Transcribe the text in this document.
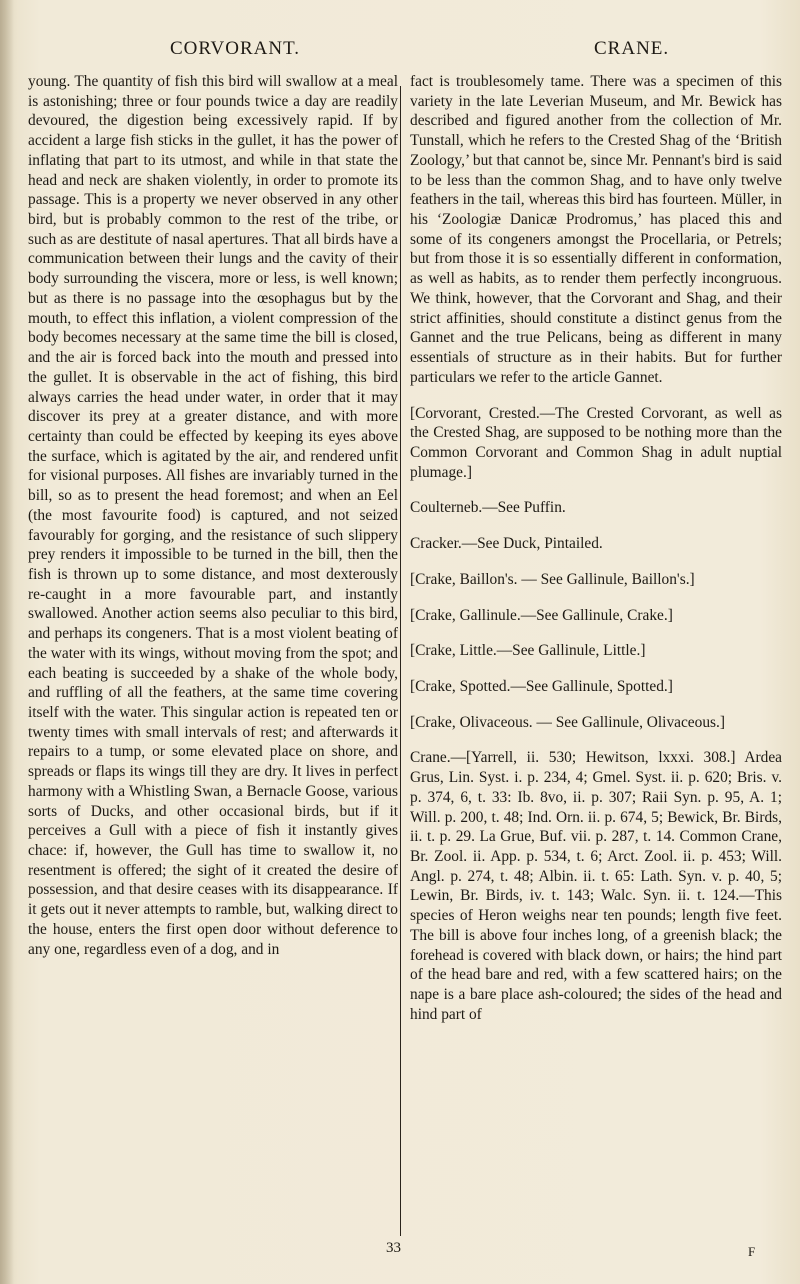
CORVORANT.	CRANE.

young. The quantity of fish this bird will swallow at a meal is astonishing; three or four pounds twice a day are readily devoured, the digestion being excessively rapid. If by accident a large fish sticks in the gullet, it has the power of inflating that part to its utmost, and while in that state the head and neck are shaken violently, in order to promote its passage. This is a property we never observed in any other bird, but is probably common to the rest of the tribe, or such as are destitute of nasal apertures. That all birds have a communication between their lungs and the cavity of their body surrounding the viscera, more or less, is well known; but as there is no passage into the œsophagus but by the mouth, to effect this inflation, a violent compression of the body becomes necessary at the same time the bill is closed, and the air is forced back into the mouth and pressed into the gullet. It is observable in the act of fishing, this bird always carries the head under water, in order that it may discover its prey at a greater distance, and with more certainty than could be effected by keeping its eyes above the surface, which is agitated by the air, and rendered unfit for visional purposes. All fishes are invariably turned in the bill, so as to present the head foremost; and when an Eel (the most favourite food) is captured, and not seized favourably for gorging, and the resistance of such slippery prey renders it impossible to be turned in the bill, then the fish is thrown up to some distance, and most dexterously re-caught in a more favourable part, and instantly swallowed. Another action seems also peculiar to this bird, and perhaps its congeners. That is a most violent beating of the water with its wings, without moving from the spot; and each beating is succeeded by a shake of the whole body, and ruffling of all the feathers, at the same time covering itself with the water. This singular action is repeated ten or twenty times with small intervals of rest; and afterwards it repairs to a tump, or some elevated place on shore, and spreads or flaps its wings till they are dry. It lives in perfect harmony with a Whistling Swan, a Bernacle Goose, various sorts of Ducks, and other occasional birds, but if it perceives a Gull with a piece of fish it instantly gives chace: if, however, the Gull has time to swallow it, no resentment is offered; the sight of it created the desire of possession, and that desire ceases with its disappearance. If it gets out it never attempts to ramble, but, walking direct to the house, enters the first open door without deference to any one, regardless even of a dog, and in

fact is troublesomely tame. There was a specimen of this variety in the late Leverian Museum, and Mr. Bewick has described and figured another from the collection of Mr. Tunstall, which he refers to the Crested Shag of the ‘British Zoology,’ but that cannot be, since Mr. Pennant's bird is said to be less than the common Shag, and to have only twelve feathers in the tail, whereas this bird has fourteen. Müller, in his ‘Zoologiæ Danicæ Prodromus,’ has placed this and some of its congeners amongst the Procellaria, or Petrels; but from those it is so essentially different in conformation, as well as habits, as to render them perfectly incongruous. We think, however, that the Corvorant and Shag, and their strict affinities, should constitute a distinct genus from the Gannet and the true Pelicans, being as different in many essentials of structure as in their habits. But for further particulars we refer to the article Gannet.

[Corvorant, Crested.—The Crested Corvorant, as well as the Crested Shag, are supposed to be nothing more than the Common Corvorant and Common Shag in adult nuptial plumage.]

Coulterneb.—See Puffin.

Cracker.—See Duck, Pintailed.

[Crake, Baillon's. — See Gallinule, Baillon's.]

[Crake, Gallinule.—See Gallinule, Crake.]

[Crake, Little.—See Gallinule, Little.]

[Crake, Spotted.—See Gallinule, Spotted.]

[Crake, Olivaceous. — See Gallinule, Olivaceous.]

Crane.—[Yarrell, ii. 530; Hewitson, lxxxi. 308.] Ardea Grus, Lin. Syst. i. p. 234, 4; Gmel. Syst. ii. p. 620; Bris. v. p. 374, 6, t. 33: Ib. 8vo, ii. p. 307; Raii Syn. p. 95, A. 1; Will. p. 200, t. 48; Ind. Orn. ii. p. 674, 5; Bewick, Br. Birds, ii. t. p. 29. La Grue, Buf. vii. p. 287, t. 14. Common Crane, Br. Zool. ii. App. p. 534, t. 6; Arct. Zool. ii. p. 453; Will. Angl. p. 274, t. 48; Albin. ii. t. 65: Lath. Syn. v. p. 40, 5; Lewin, Br. Birds, iv. t. 143; Walc. Syn. ii. t. 124.—This species of Heron weighs near ten pounds; length five feet. The bill is above four inches long, of a greenish black; the forehead is covered with black down, or hairs; the hind part of the head bare and red, with a few scattered hairs; on the nape is a bare place ash-coloured; the sides of the head and hind part of

33	F
